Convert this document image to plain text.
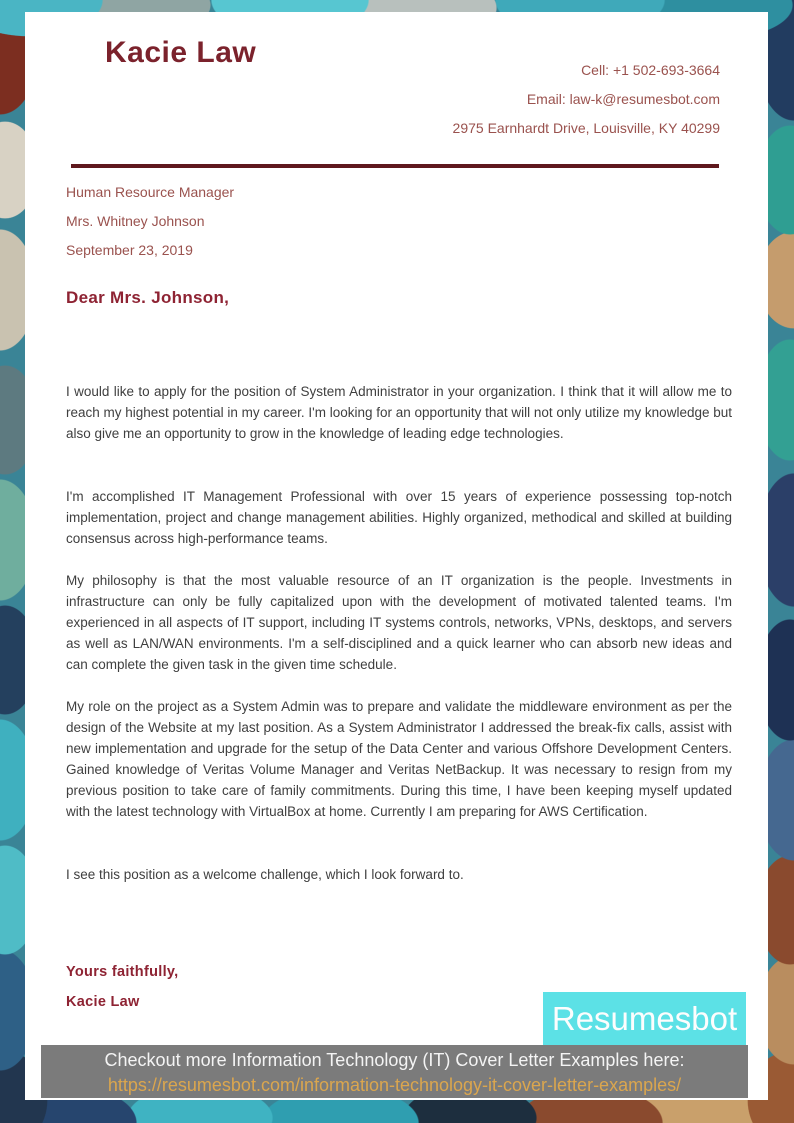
Kacie Law
Cell: +1 502-693-3664
Email: law-k@resumesbot.com
2975 Earnhardt Drive, Louisville, KY 40299
Human Resource Manager
Mrs. Whitney Johnson
September 23, 2019
Dear Mrs. Johnson,

I would like to apply for the position of System Administrator in your organization. I think that it will allow me to reach my highest potential in my career. I'm looking for an opportunity that will not only utilize my knowledge but also give me an opportunity to grow in the knowledge of leading edge technologies.

I'm accomplished IT Management Professional with over 15 years of experience possessing top-notch implementation, project and change management abilities. Highly organized, methodical and skilled at building consensus across high-performance teams.

My philosophy is that the most valuable resource of an IT organization is the people. Investments in infrastructure can only be fully capitalized upon with the development of motivated talented teams. I'm experienced in all aspects of IT support, including IT systems controls, networks, VPNs, desktops, and servers as well as LAN/WAN environments. I'm a self-disciplined and a quick learner who can absorb new ideas and can complete the given task in the given time schedule.

My role on the project as a System Admin was to prepare and validate the middleware environment as per the design of the Website at my last position. As a System Administrator I addressed the break-fix calls, assist with new implementation and upgrade for the setup of the Data Center and various Offshore Development Centers. Gained knowledge of Veritas Volume Manager and Veritas NetBackup. It was necessary to resign from my previous position to take care of family commitments. During this time, I have been keeping myself updated with the latest technology with VirtualBox at home. Currently I am preparing for AWS Certification.

I see this position as a welcome challenge, which I look forward to.

Yours faithfully,
Kacie Law	Resumesbot
Checkout more Information Technology (IT) Cover Letter Examples here:
https://resumesbot.com/information-technology-it-cover-letter-examples/
